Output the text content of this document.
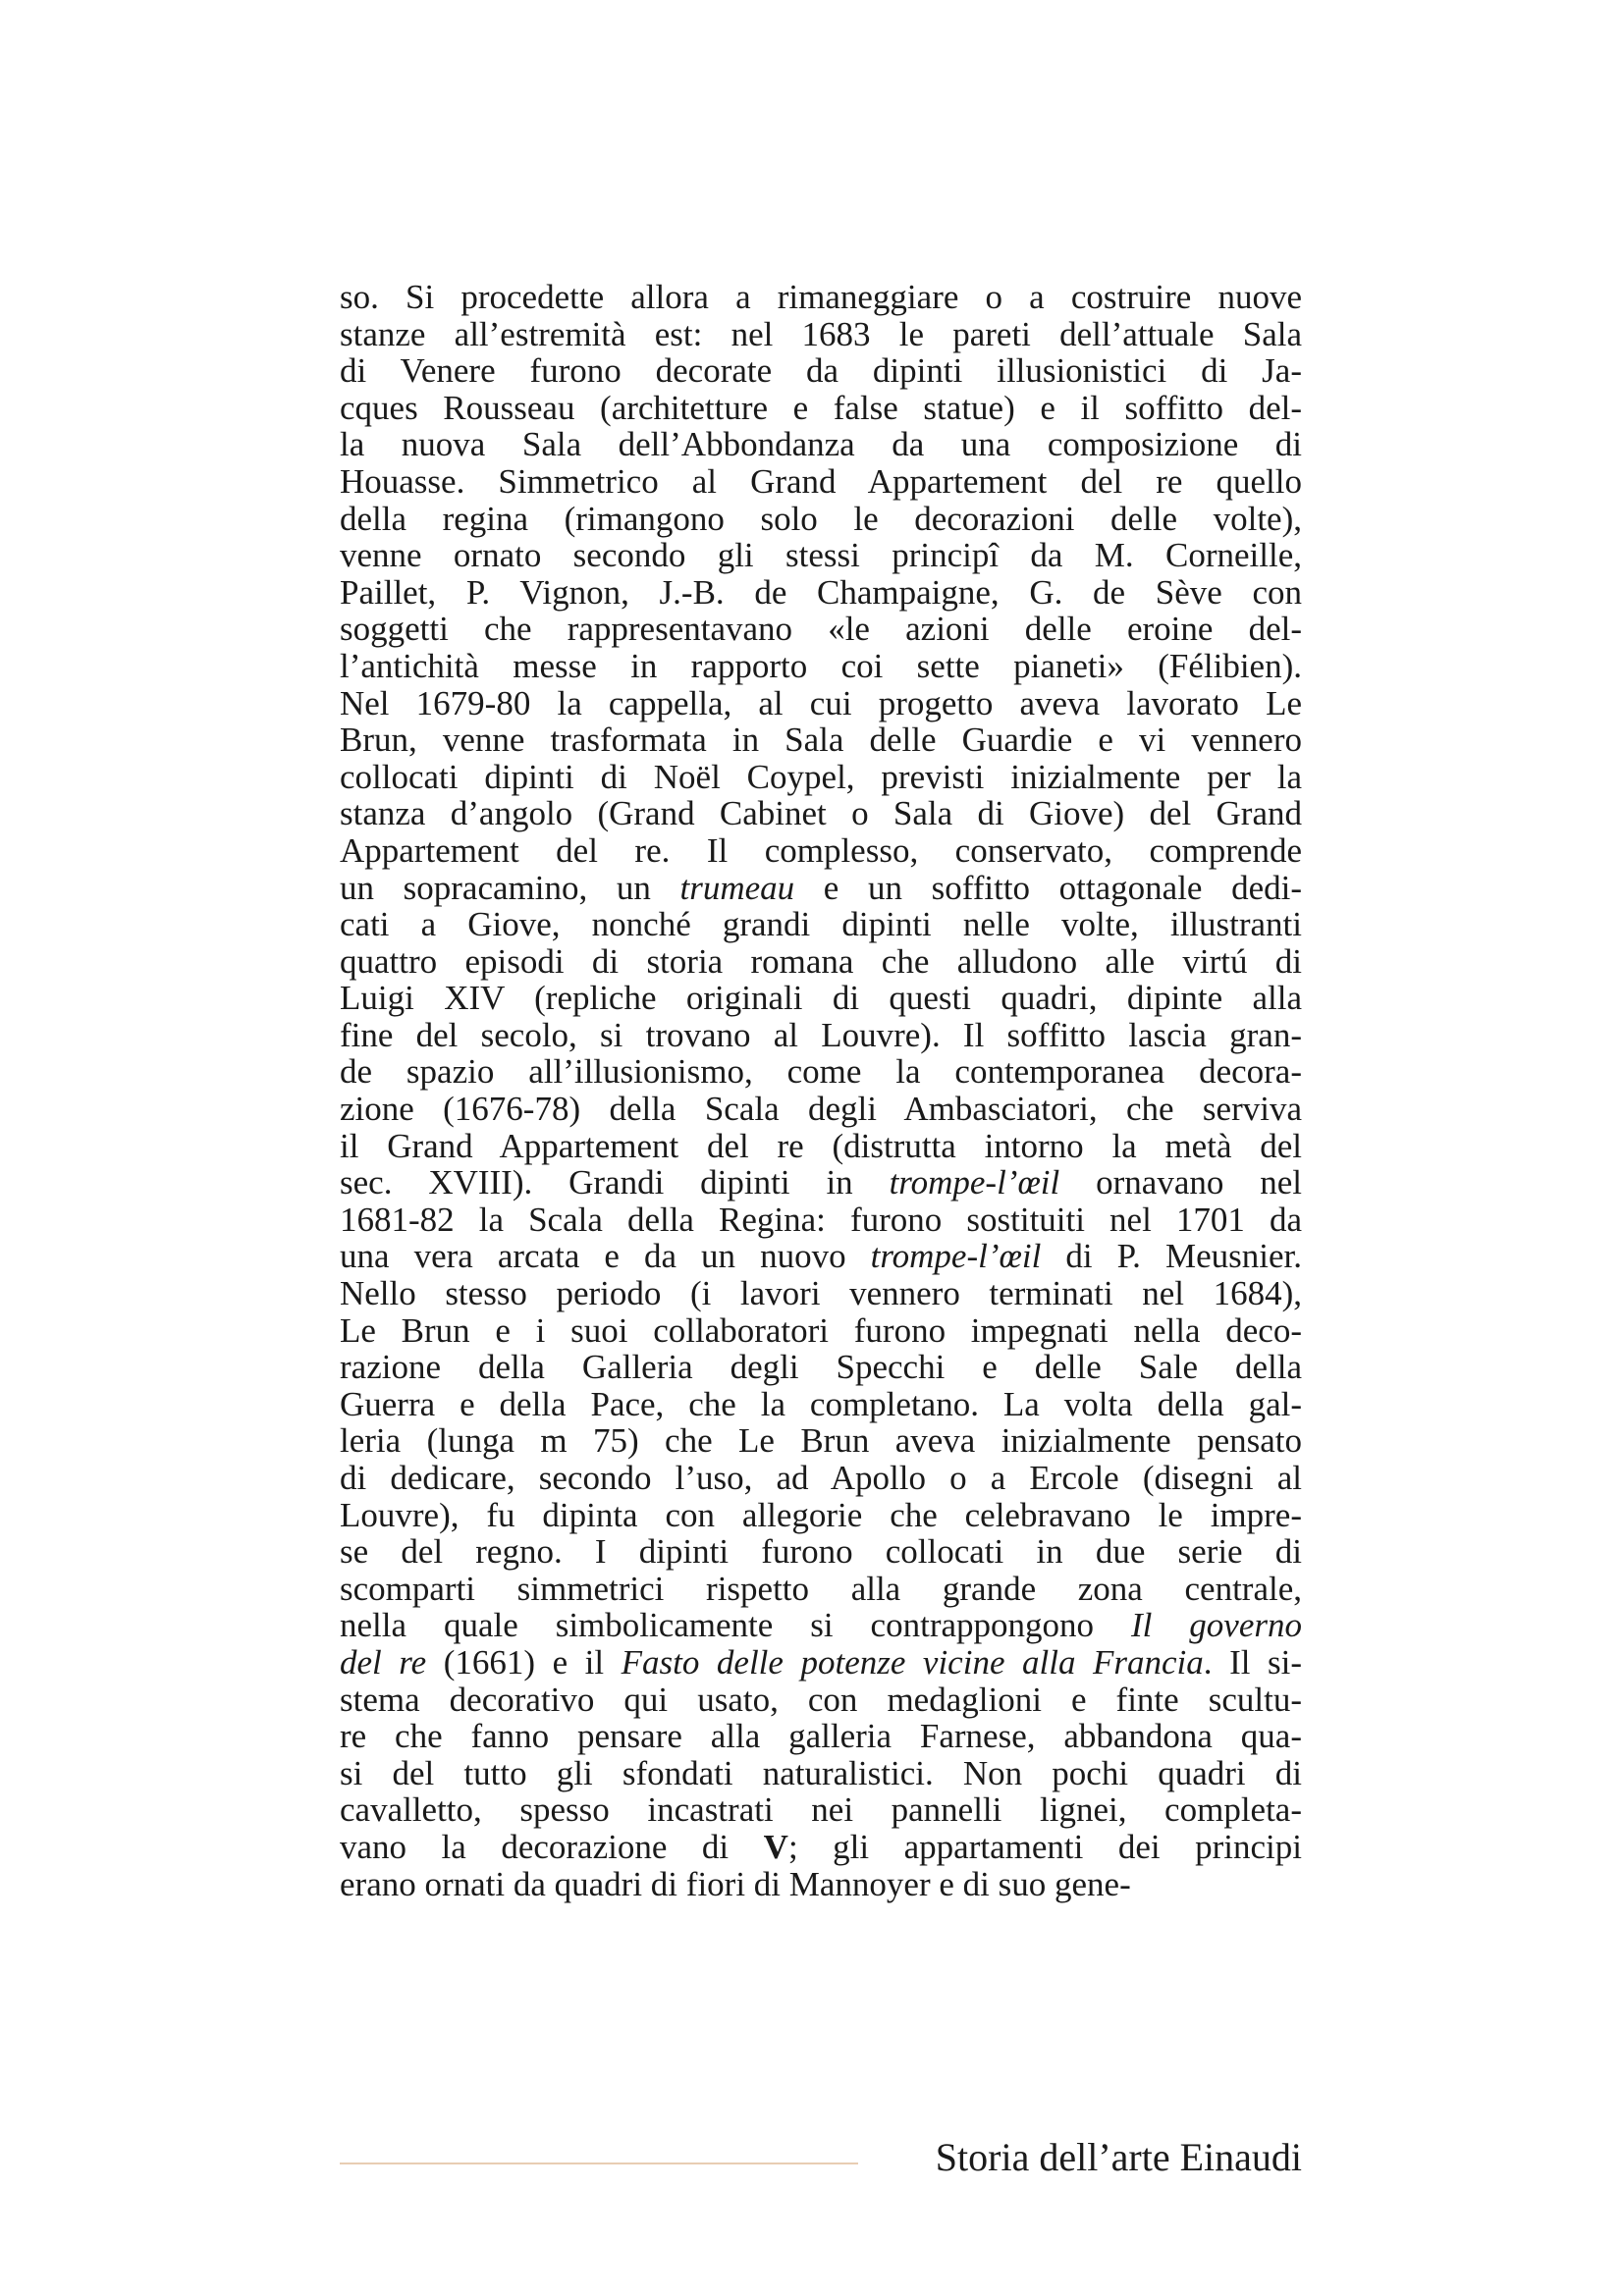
so. Si procedette allora a rimaneggiare o a costruire nuove
stanze all’estremità est: nel 1683 le pareti dell’attuale Sala
di Venere furono decorate da dipinti illusionistici di Ja-
cques Rousseau (architetture e false statue) e il soffitto del-
la nuova Sala dell’Abbondanza da una composizione di
Houasse. Simmetrico al Grand Appartement del re quello
della regina (rimangono solo le decorazioni delle volte),
venne ornato secondo gli stessi principî da M. Corneille,
Paillet, P. Vignon, J.-B. de Champaigne, G. de Sève con
soggetti che rappresentavano «le azioni delle eroine del-
l’antichità messe in rapporto coi sette pianeti» (Félibien).
Nel 1679-80 la cappella, al cui progetto aveva lavorato Le
Brun, venne trasformata in Sala delle Guardie e vi vennero
collocati dipinti di Noël Coypel, previsti inizialmente per la
stanza d’angolo (Grand Cabinet o Sala di Giove) del Grand
Appartement del re. Il complesso, conservato, comprende
un sopracamino, un trumeau e un soffitto ottagonale dedi-
cati a Giove, nonché grandi dipinti nelle volte, illustranti
quattro episodi di storia romana che alludono alle virtú di
Luigi XIV (repliche originali di questi quadri, dipinte alla
fine del secolo, si trovano al Louvre). Il soffitto lascia gran-
de spazio all’illusionismo, come la contemporanea decora-
zione (1676-78) della Scala degli Ambasciatori, che serviva
il Grand Appartement del re (distrutta intorno la metà del
sec. XVIII). Grandi dipinti in trompe-l’œil ornavano nel
1681-82 la Scala della Regina: furono sostituiti nel 1701 da
una vera arcata e da un nuovo trompe-l’œil di P. Meusnier.
Nello stesso periodo (i lavori vennero terminati nel 1684),
Le Brun e i suoi collaboratori furono impegnati nella deco-
razione della Galleria degli Specchi e delle Sale della
Guerra e della Pace, che la completano. La volta della gal-
leria (lunga m 75) che Le Brun aveva inizialmente pensato
di dedicare, secondo l’uso, ad Apollo o a Ercole (disegni al
Louvre), fu dipinta con allegorie che celebravano le impre-
se del regno. I dipinti furono collocati in due serie di
scomparti simmetrici rispetto alla grande zona centrale,
nella quale simbolicamente si contrappongono Il governo
del re (1661) e il Fasto delle potenze vicine alla Francia. Il si-
stema decorativo qui usato, con medaglioni e finte scultu-
re che fanno pensare alla galleria Farnese, abbandona qua-
si del tutto gli sfondati naturalistici. Non pochi quadri di
cavalletto, spesso incastrati nei pannelli lignei, completa-
vano la decorazione di V; gli appartamenti dei principi
erano ornati da quadri di fiori di Mannoyer e di suo gene-
Storia dell’arte Einaudi
